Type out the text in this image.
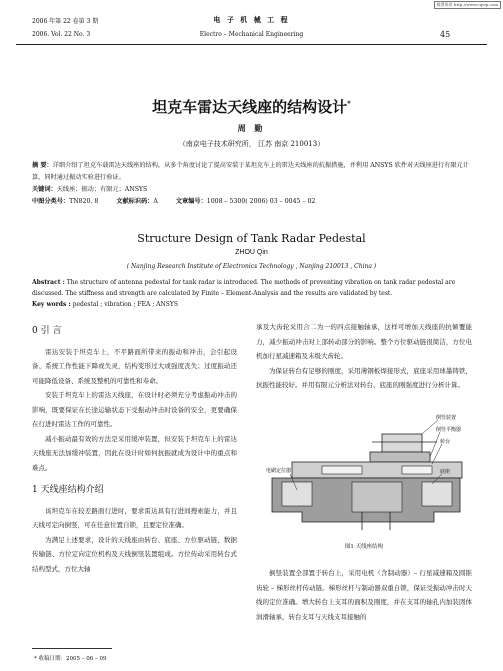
维普资讯 http://www.cqvip.com
2006 年第 22 卷第 3 期
2006. Vol. 22 No. 3
电 子 机 械 工 程
Electro – Mechanical Engineering	45
坦克车雷达天线座的结构设计*
周 勤
（南京电子技术研究所， 江苏 南京 210013）
摘 要：详细介绍了坦克车载雷达天线座的结构，从多个角度讨论了提高安装于某坦克车上的雷达天线座的抗振措施，并利用 ANSYS 软件对天线座进行有限元计算，同时通过振动实验进行验证。
关键词：天线座；振动；有限元；ANSYS
中图分类号：TN820. 8	文献标识码：A	文章编号：1008 – 5300( 2006) 03 – 0045 – 02
Structure Design of Tank Radar Pedestal
ZHOU Qin
( Nanjing Research Institute of Electronics Technology , Nanjing 210013 , China )
Abstract : The structure of antenna pedestal for tank radar is introduced. The methods of preventing vibration on tank radar pedestal are discussed. The stiffness and strength are calculated by Finite – Element-Analysis and the results are validated by test.
Key words : pedestal ; vibration ; FEA ; ANSYS
0 引 言

雷达安装于坦克车上，不平路面所带来的振动和冲击，会引起设备、系统工作性能下降或失灵，结构变形过大或强度丧失；过度振动还可能降低设备、系统及整机的可靠性和寿命。

安装于坦克车上的雷达天线座，在设计时必须充分考虑振动冲击的影响，既要保证在长途运输状态下受振动冲击时设备的安全，更要确保在行进时雷达工作的可靠性。

减小振动最有效的方法是采用缓冲装置，但安装于坦克车上的雷达天线座无法加缓冲装置，因此在设计时如何抗振就成为设计中的重点和难点。

1 天线座结构介绍

该坦克车在较差路面行进时，要求雷达具有行进间搜索能力，并且天线可定向倒竖，可在任意位置自锁，且要定位准确。

为满足上述要求，设计的天线座由转台、底座、方位驱动链、数据传输链、方位定向定位机构及天线倒竖装置组成。方位传动采用转台式结构型式，方位大轴

承及大齿轮采用合二为一的四点接触轴承，这样可增加天线座的抗倾覆能力，减少振动冲击对上部转动部分的影响。整个方位驱动链很简洁，方位电机加行星减速箱及末级大齿轮。

为保证转台有足够的刚度，采用薄钢板焊接形式，底座采用球墨铸铁，抗振性能较好。并用有限元分析法对转台、底座的刚强度进行分析计算。

倒竖装置
倒竖平衡器
转台
电刷定位器	底座
图1 天线座结构

倒竖装置全部置于转台上，采用电机（含制动器）– 行星减速箱及圆锥齿轮 – 梯形丝杆传动链。梯形丝杆与制动器双重自锁，保证受振动冲击时天线的定位准确。增大转台上支耳的面积及刚度，并在支耳的轴孔内加装固体润滑轴承，转台支耳与天线支耳接触的

* 收稿日期：2005 – 06 – 09
